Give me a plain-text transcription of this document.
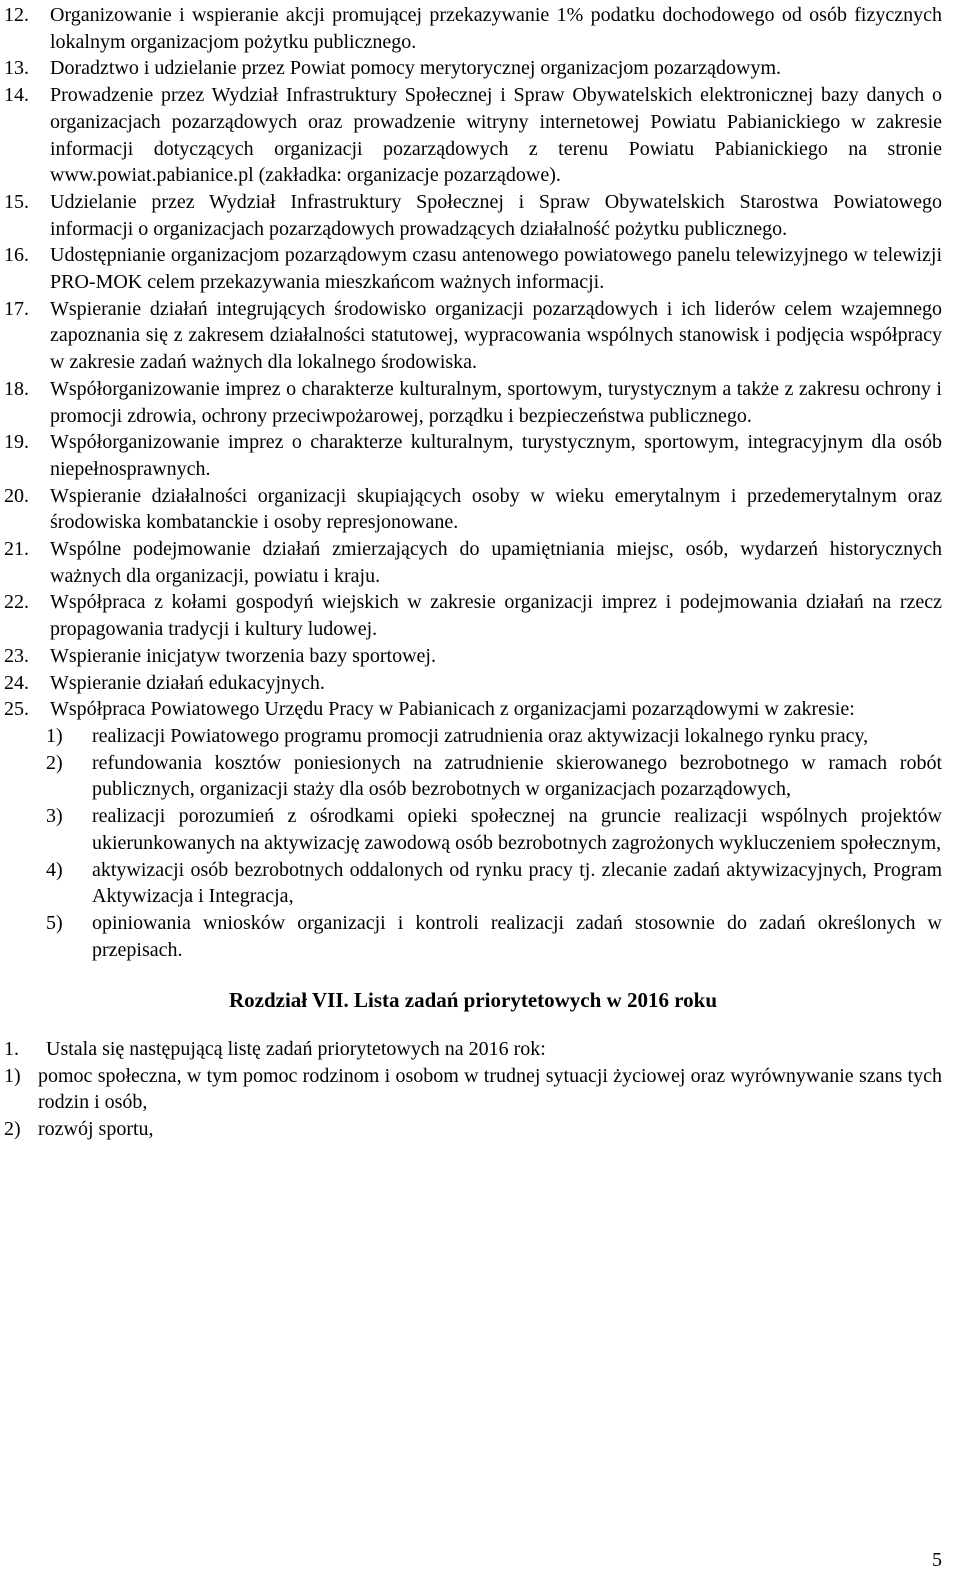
12. Organizowanie i wspieranie akcji promującej przekazywanie 1% podatku dochodowego od osób fizycznych lokalnym organizacjom pożytku publicznego.
13. Doradztwo i udzielanie przez Powiat pomocy merytorycznej organizacjom pozarządowym.
14. Prowadzenie przez Wydział Infrastruktury Społecznej i Spraw Obywatelskich elektronicznej bazy danych o organizacjach pozarządowych oraz prowadzenie witryny internetowej Powiatu Pabianickiego w zakresie informacji dotyczących organizacji pozarządowych z terenu Powiatu Pabianickiego na stronie www.powiat.pabianice.pl (zakładka: organizacje pozarządowe).
15. Udzielanie przez Wydział Infrastruktury Społecznej i Spraw Obywatelskich Starostwa Powiatowego informacji o organizacjach pozarządowych prowadzących działalność pożytku publicznego.
16. Udostępnianie organizacjom pozarządowym czasu antenowego powiatowego panelu telewizyjnego w telewizji PRO-MOK celem przekazywania mieszkańcom ważnych informacji.
17. Wspieranie działań integrujących środowisko organizacji pozarządowych i ich liderów celem wzajemnego zapoznania się z zakresem działalności statutowej, wypracowania wspólnych stanowisk i podjęcia współpracy w zakresie zadań ważnych dla lokalnego środowiska.
18. Współorganizowanie imprez o charakterze kulturalnym, sportowym, turystycznym a także z zakresu ochrony i promocji zdrowia, ochrony przeciwpożarowej, porządku i bezpieczeństwa publicznego.
19. Współorganizowanie imprez o charakterze kulturalnym, turystycznym, sportowym, integracyjnym dla osób niepełnosprawnych.
20. Wspieranie działalności organizacji skupiających osoby w wieku emerytalnym i przedemerytalnym oraz środowiska kombatanckie i osoby represjonowane.
21. Wspólne podejmowanie działań zmierzających do upamiętniania miejsc, osób, wydarzeń historycznych ważnych dla organizacji, powiatu i kraju.
22. Współpraca z kołami gospodyń wiejskich w zakresie organizacji imprez i podejmowania działań na rzecz propagowania tradycji i kultury ludowej.
23. Wspieranie inicjatyw tworzenia bazy sportowej.
24. Wspieranie działań edukacyjnych.
25. Współpraca Powiatowego Urzędu Pracy w Pabianicach z organizacjami pozarządowymi w zakresie:
1) realizacji Powiatowego programu promocji zatrudnienia oraz aktywizacji lokalnego rynku pracy,
2) refundowania kosztów poniesionych na zatrudnienie skierowanego bezrobotnego w ramach robót publicznych, organizacji staży dla osób bezrobotnych w organizacjach pozarządowych,
3) realizacji porozumień z ośrodkami opieki społecznej na gruncie realizacji wspólnych projektów ukierunkowanych na aktywizację zawodową osób bezrobotnych zagrożonych wykluczeniem społecznym,
4) aktywizacji osób bezrobotnych oddalonych od rynku pracy tj. zlecanie zadań aktywizacyjnych, Program Aktywizacja i Integracja,
5) opiniowania wniosków organizacji i kontroli realizacji zadań stosownie do zadań określonych w przepisach.
Rozdział VII. Lista zadań priorytetowych w 2016 roku
1. Ustala się następującą listę zadań priorytetowych na 2016 rok:
1) pomoc społeczna, w tym pomoc rodzinom i osobom w trudnej sytuacji życiowej oraz wyrównywanie szans tych rodzin i osób,
2) rozwój sportu,
5
